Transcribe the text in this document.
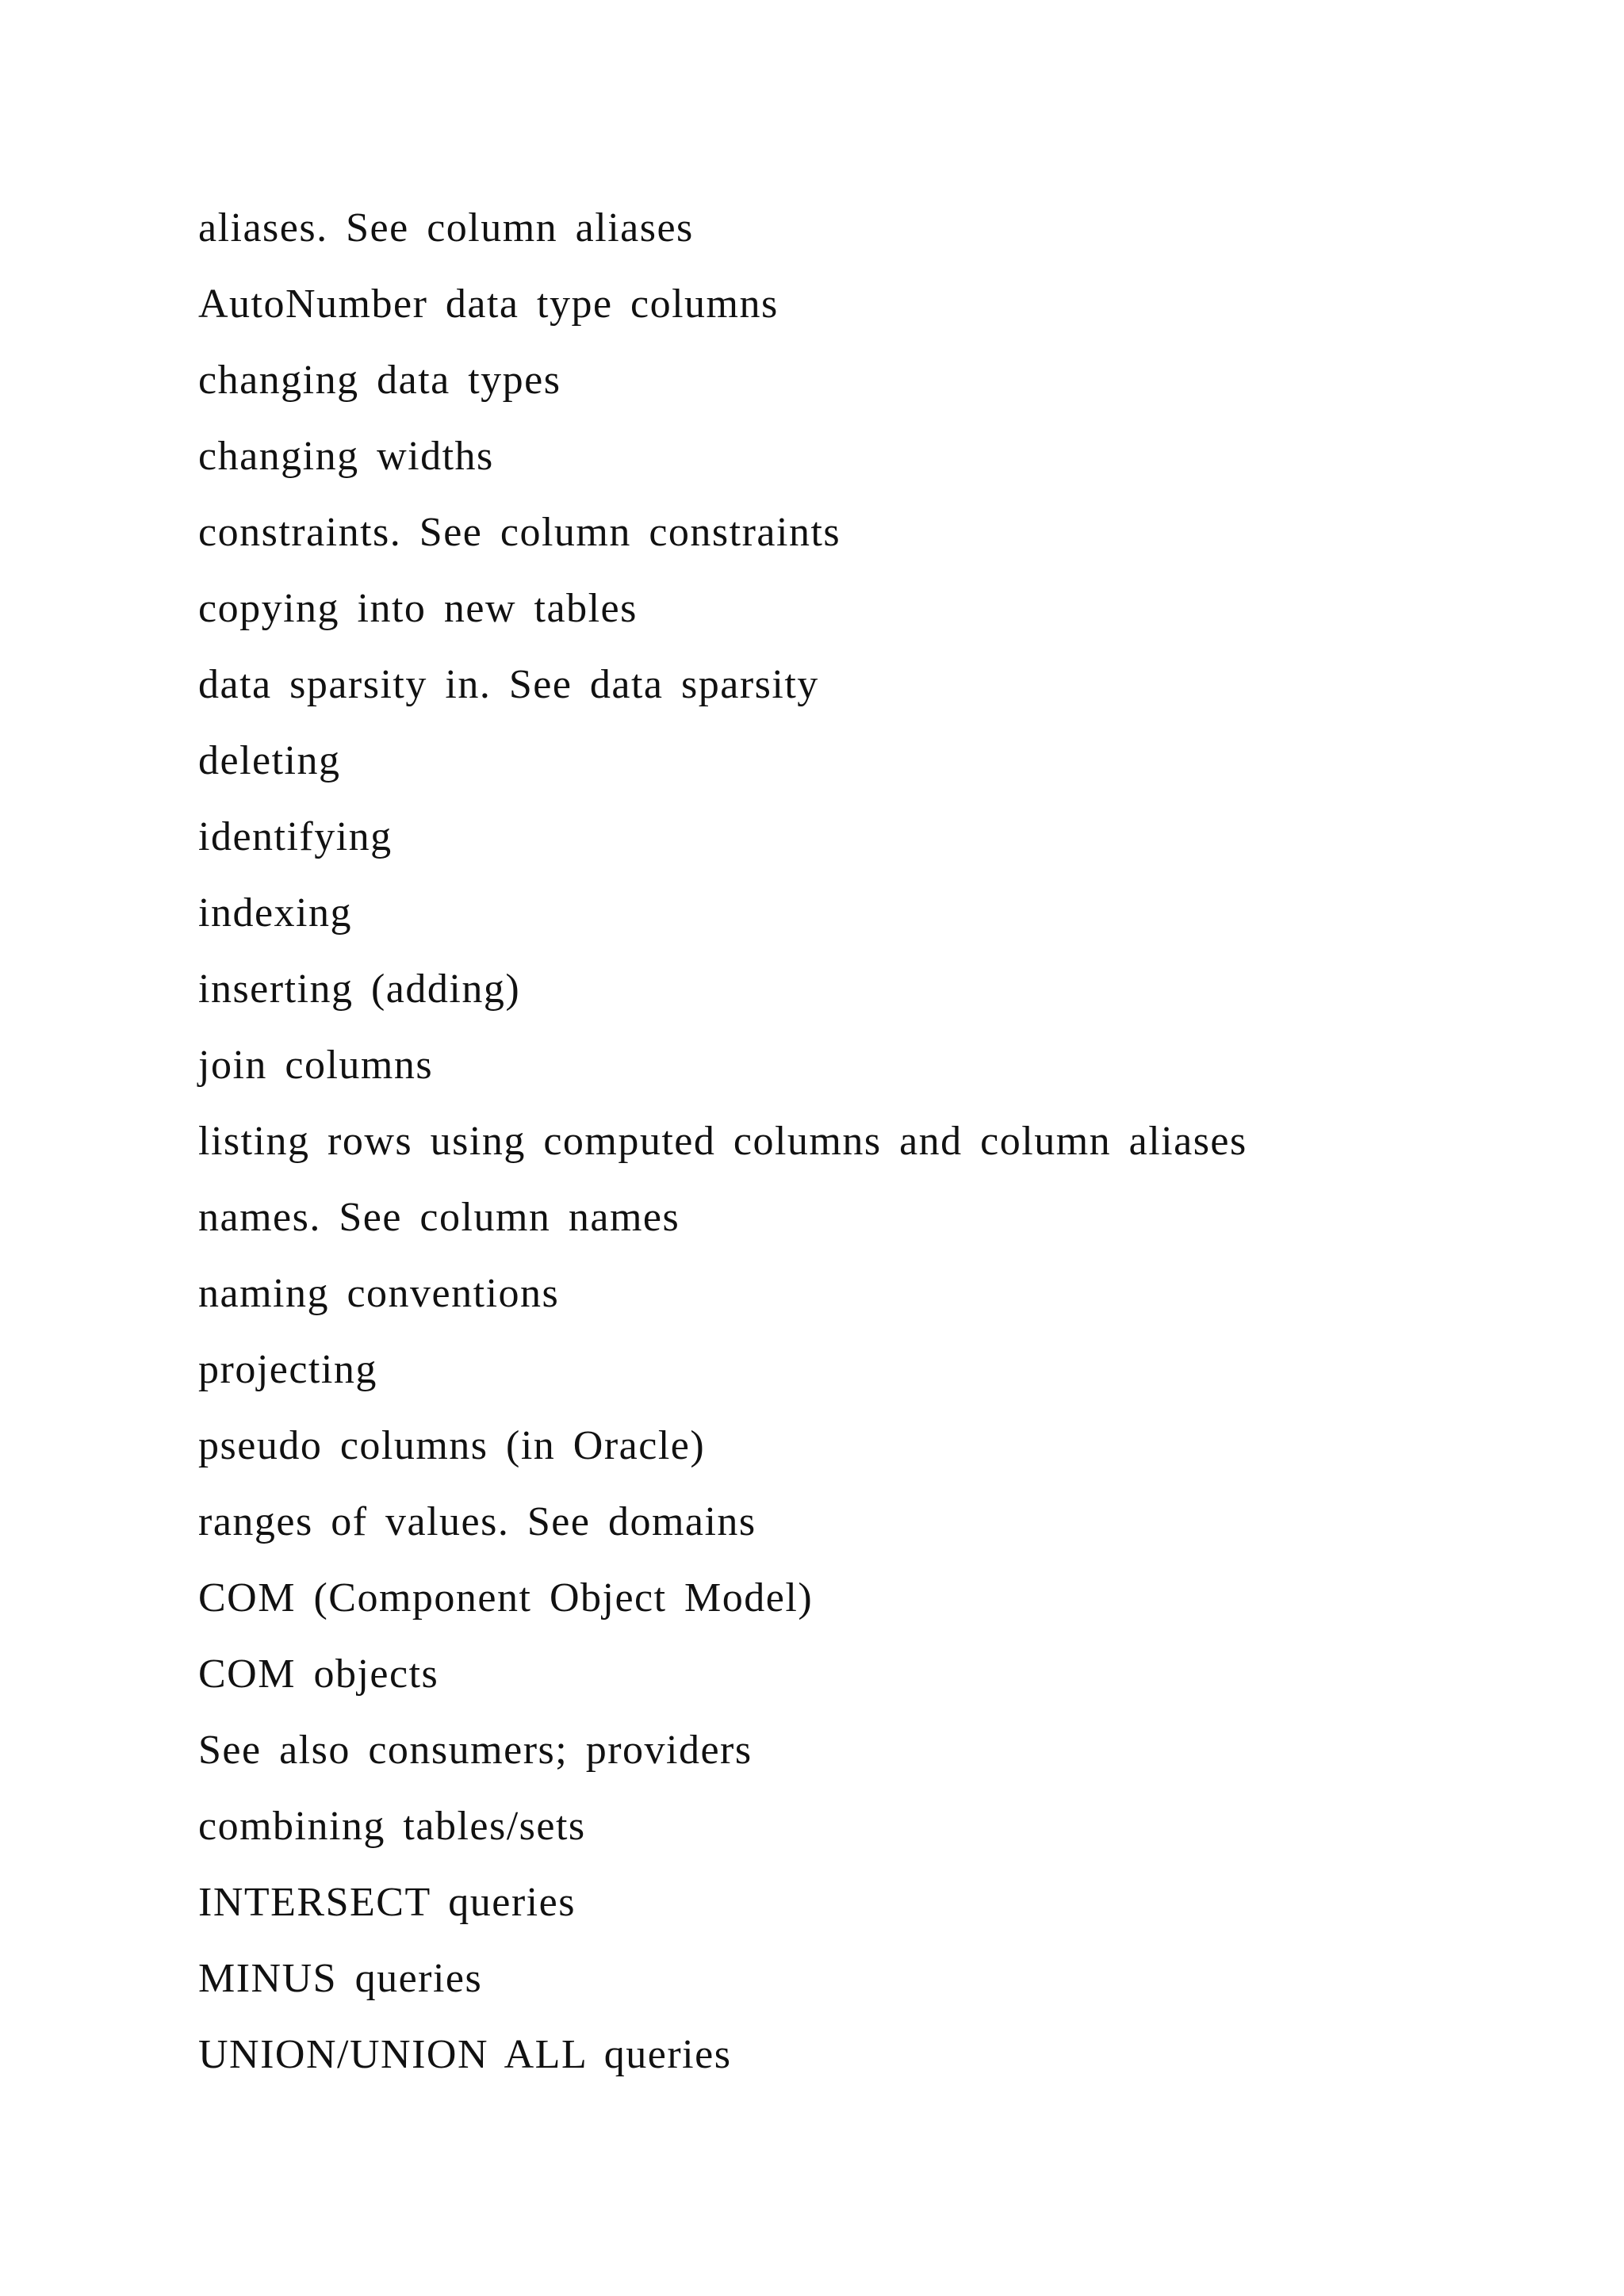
aliases. See column aliases
AutoNumber data type columns
changing data types
changing widths
constraints. See column constraints
copying into new tables
data sparsity in. See data sparsity
deleting
identifying
indexing
inserting (adding)
join columns
listing rows using computed columns and column aliases
names. See column names
naming conventions
projecting
pseudo columns (in Oracle)
ranges of values. See domains
COM (Component Object Model)
COM objects
See also consumers; providers
combining tables/sets
INTERSECT queries
MINUS queries
UNION/UNION ALL queries
